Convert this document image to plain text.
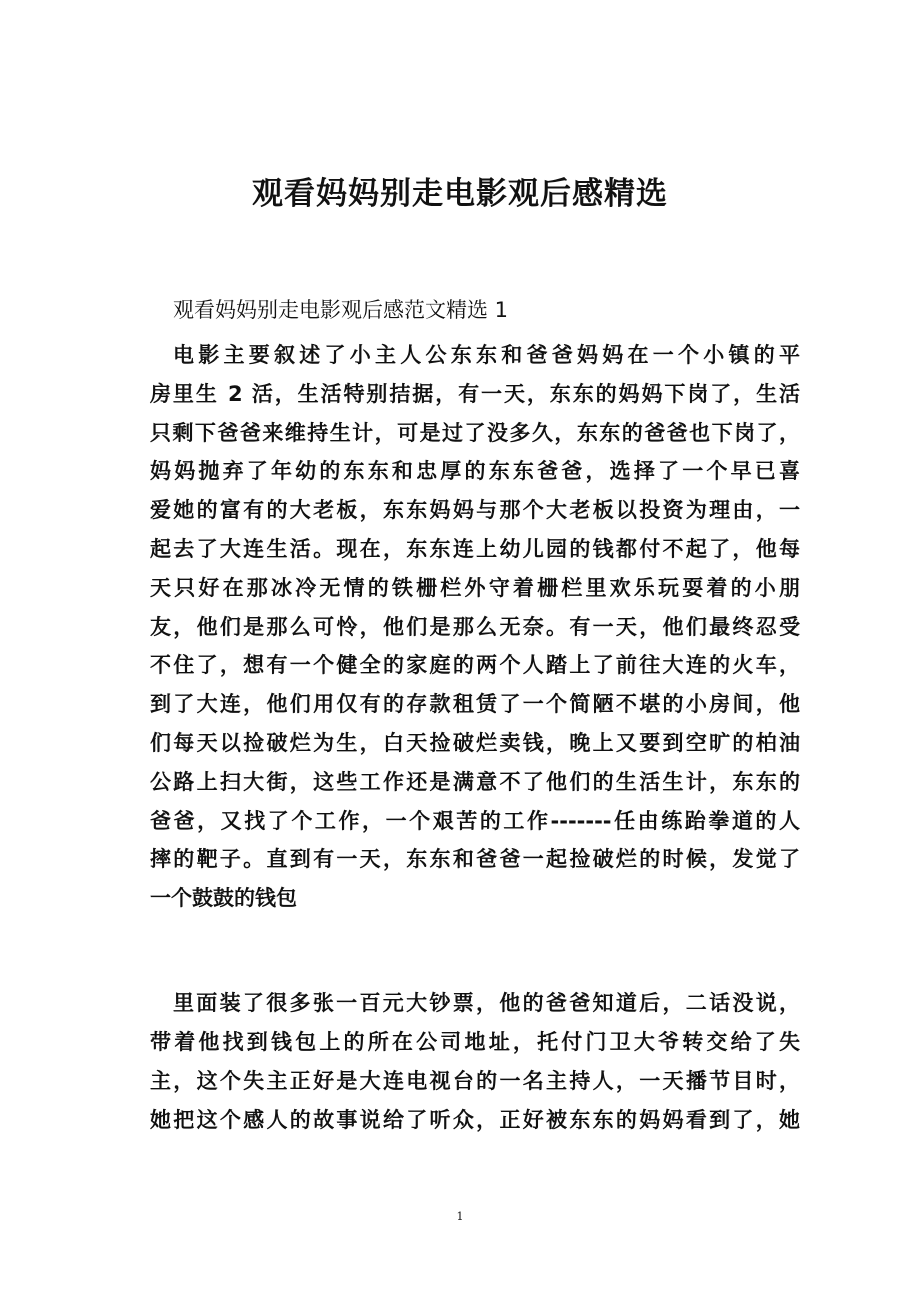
观看妈妈别走电影观后感精选
观看妈妈别走电影观后感范文精选 1
电影主要叙述了小主人公东东和爸爸妈妈在一个小镇的平
房里生 2 活，生活特别拮据，有一天，东东的妈妈下岗了，生活
只剩下爸爸来维持生计，可是过了没多久，东东的爸爸也下岗了，
妈妈抛弃了年幼的东东和忠厚的东东爸爸，选择了一个早已喜
爱她的富有的大老板，东东妈妈与那个大老板以投资为理由，一
起去了大连生活。现在，东东连上幼儿园的钱都付不起了，他每
天只好在那冰冷无情的铁栅栏外守着栅栏里欢乐玩耍着的小朋
友，他们是那么可怜，他们是那么无奈。有一天，他们最终忍受
不住了，想有一个健全的家庭的两个人踏上了前往大连的火车，
到了大连，他们用仅有的存款租赁了一个简陋不堪的小房间，他
们每天以捡破烂为生，白天捡破烂卖钱，晚上又要到空旷的柏油
公路上扫大街，这些工作还是满意不了他们的生活生计，东东的
爸爸，又找了个工作，一个艰苦的工作-------任由练跆拳道的人
摔的靶子。直到有一天，东东和爸爸一起捡破烂的时候，发觉了
一个鼓鼓的钱包
里面装了很多张一百元大钞票，他的爸爸知道后，二话没说，
带着他找到钱包上的所在公司地址，托付门卫大爷转交给了失
主，这个失主正好是大连电视台的一名主持人，一天播节目时，
她把这个感人的故事说给了听众，正好被东东的妈妈看到了，她
1
